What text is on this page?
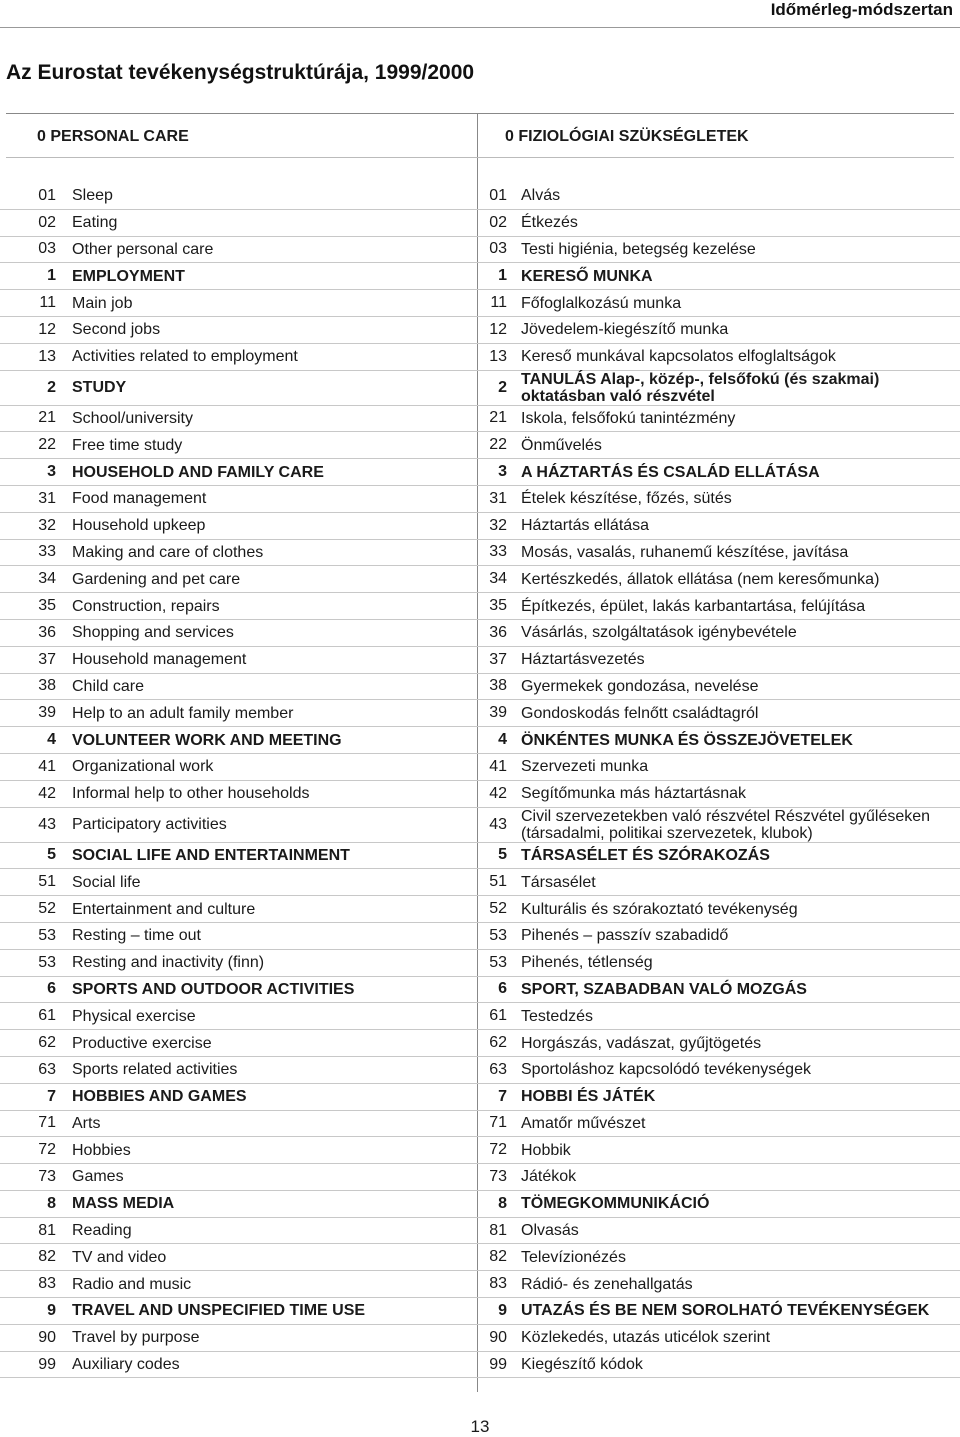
Időmérleg-módszertan
Az Eurostat tevékenységstruktúrája, 1999/2000
0 PERSONAL CARE	0 FIZIOLÓGIAI SZÜKSÉGLETEK
01	Sleep	01 Alvás
02	Eating	02 Étkezés
03	Other personal care	03 Testi higiénia, betegség kezelése
1	EMPLOYMENT	1 KERESŐ MUNKA
11	Main job	11 Főfoglalkozású munka
12	Second jobs	12 Jövedelem-kiegészítő munka
13	Activities related to employment	13 Kereső munkával kapcsolatos elfoglaltságok
2	STUDY	2 TANULÁS Alap-, közép-, felsőfokú (és szakmai) oktatásban való részvétel
21	School/university	21 Iskola, felsőfokú tanintézmény
22	Free time study	22 Önművelés
3	HOUSEHOLD AND FAMILY CARE	3 A HÁZTARTÁS ÉS CSALÁD ELLÁTÁSA
31	Food management	31 Ételek készítése, főzés, sütés
32	Household upkeep	32 Háztartás ellátása
33	Making and care of clothes	33 Mosás, vasalás, ruhanemű készítése, javítása
34	Gardening and pet care	34 Kertészkedés, állatok ellátása (nem keresőmunka)
35	Construction, repairs	35 Építkezés, épület, lakás karbantartása, felújítása
36	Shopping and services	36 Vásárlás, szolgáltatások igénybevétele
37	Household management	37 Háztartásvezetés
38	Child care	38 Gyermekek gondozása, nevelése
39	Help to an adult family member	39 Gondoskodás felnőtt családtagról
4	VOLUNTEER WORK AND MEETING	4 ÖNKÉNTES MUNKA ÉS ÖSSZEJÖVETELEK
41	Organizational work	41 Szervezeti munka
42	Informal help to other households	42 Segítőmunka más háztartásnak
43	Participatory activities	43 Civil szervezetekben való részvétel Részvétel gyűléseken (társadalmi, politikai szervezetek, klubok)
5	SOCIAL LIFE AND ENTERTAINMENT	5 TÁRSASÉLET ÉS SZÓRAKOZÁS
51	Social life	51 Társasélet
52	Entertainment and culture	52 Kulturális és szórakoztató tevékenység
53	Resting – time out	53 Pihenés – passzív szabadidő
53	Resting and inactivity (finn)	53 Pihenés, tétlenség
6	SPORTS AND OUTDOOR ACTIVITIES	6 SPORT, SZABADBAN VALÓ MOZGÁS
61	Physical exercise	61 Testedzés
62	Productive exercise	62 Horgászás, vadászat, gyűjtögetés
63	Sports related activities	63 Sportoláshoz kapcsolódó tevékenységek
7	HOBBIES AND GAMES	7 HOBBI ÉS JÁTÉK
71	Arts	71 Amatőr művészet
72	Hobbies	72 Hobbik
73	Games	73 Játékok
8	MASS MEDIA	8 TÖMEGKOMMUNIKÁCIÓ
81	Reading	81 Olvasás
82	TV and video	82 Televízionézés
83	Radio and music	83 Rádió- és zenehallgatás
9	TRAVEL AND UNSPECIFIED TIME USE	9 UTAZÁS ÉS BE NEM SOROLHATÓ TEVÉKENYSÉGEK
90	Travel by purpose	90 Közlekedés, utazás uticélok szerint
99	Auxiliary codes	99 Kiegészítő kódok
13
